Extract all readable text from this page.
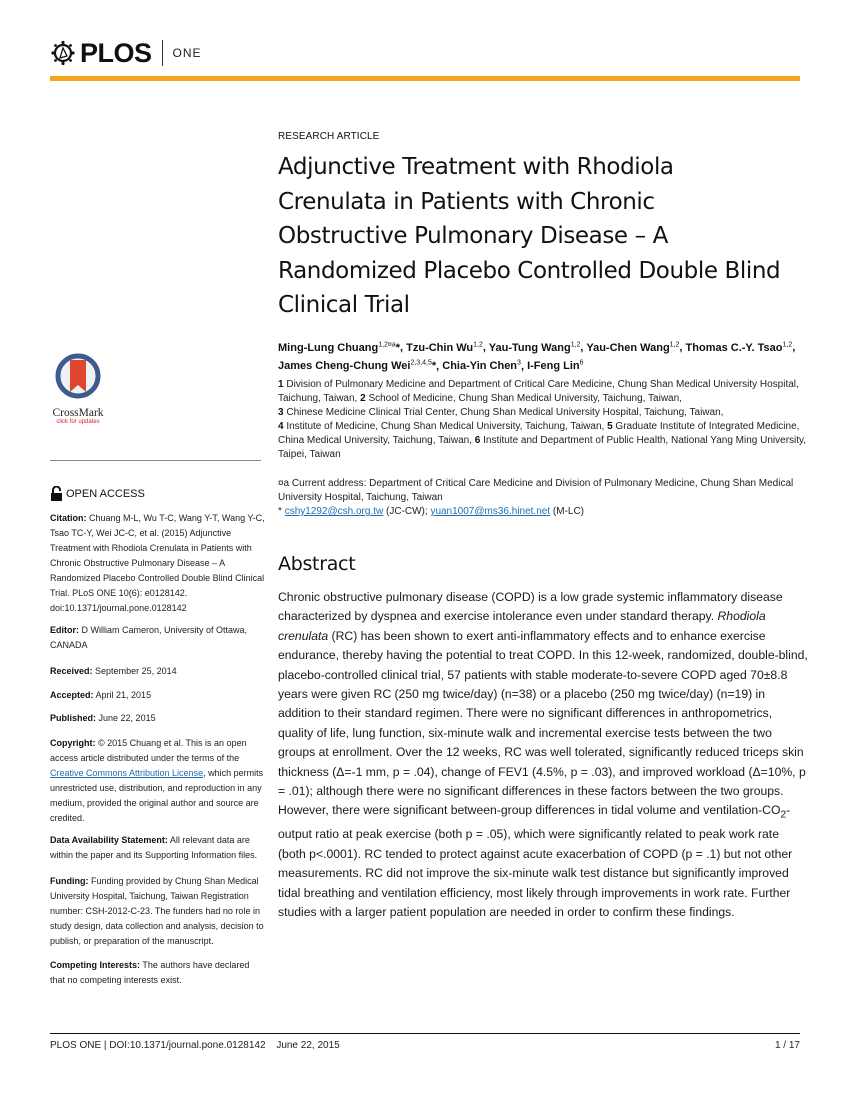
PLOS ONE
CrossMark
click for updates
OPEN ACCESS
Citation: Chuang M-L, Wu T-C, Wang Y-T, Wang Y-C, Tsao TC-Y, Wei JC-C, et al. (2015) Adjunctive Treatment with Rhodiola Crenulata in Patients with Chronic Obstructive Pulmonary Disease – A Randomized Placebo Controlled Double Blind Clinical Trial. PLoS ONE 10(6): e0128142. doi:10.1371/journal.pone.0128142
Editor: D William Cameron, University of Ottawa, CANADA
Received: September 25, 2014
Accepted: April 21, 2015
Published: June 22, 2015
Copyright: © 2015 Chuang et al. This is an open access article distributed under the terms of the Creative Commons Attribution License, which permits unrestricted use, distribution, and reproduction in any medium, provided the original author and source are credited.
Data Availability Statement: All relevant data are within the paper and its Supporting Information files.
Funding: Funding provided by Chung Shan Medical University Hospital, Taichung, Taiwan Registration number: CSH-2012-C-23. The funders had no role in study design, data collection and analysis, decision to publish, or preparation of the manuscript.
Competing Interests: The authors have declared that no competing interests exist.
RESEARCH ARTICLE
Adjunctive Treatment with Rhodiola
Crenulata in Patients with Chronic
Obstructive Pulmonary Disease – A
Randomized Placebo Controlled Double Blind
Clinical Trial
Ming-Lung Chuang$^{1,2¤a}$*, Tzu-Chin Wu$^{1,2}$, Yau-Tung Wang$^{1,2}$, Yau-Chen Wang$^{1,2}$, Thomas C.-Y. Tsao$^{1,2}$, James Cheng-Chung Wei$^{2,3,4,5}$*, Chia-Yin Chen$^3$, I-Feng Lin$^6$
1 Division of Pulmonary Medicine and Department of Critical Care Medicine, Chung Shan Medical University Hospital, Taichung, Taiwan, 2 School of Medicine, Chung Shan Medical University, Taichung, Taiwan,
3 Chinese Medicine Clinical Trial Center, Chung Shan Medical University Hospital, Taichung, Taiwan,
4 Institute of Medicine, Chung Shan Medical University, Taichung, Taiwan, 5 Graduate Institute of Integrated Medicine, China Medical University, Taichung, Taiwan, 6 Institute and Department of Public Health, National Yang Ming University, Taipei, Taiwan
¤a Current address: Department of Critical Care Medicine and Division of Pulmonary Medicine, Chung Shan Medical University Hospital, Taichung, Taiwan
* cshy1292@csh.org.tw (JC-CW); yuan1007@ms36.hinet.net (M-LC)
Abstract
Chronic obstructive pulmonary disease (COPD) is a low grade systemic inflammatory disease characterized by dyspnea and exercise intolerance even under standard therapy. Rhodiola crenulata (RC) has been shown to exert anti-inflammatory effects and to enhance exercise endurance, thereby having the potential to treat COPD. In this 12-week, randomized, double-blind, placebo-controlled clinical trial, 57 patients with stable moderate-to-severe COPD aged 70±8.8 years were given RC (250 mg twice/day) (n=38) or a placebo (250 mg twice/day) (n=19) in addition to their standard regimen. There were no significant differences in anthropometrics, quality of life, lung function, six-minute walk and incremental exercise tests between the two groups at enrollment. Over the 12 weeks, RC was well tolerated, significantly reduced triceps skin thickness (Δ=-1 mm, p = .04), change of FEV1 (4.5%, p = .03), and improved workload (Δ=10%, p = .01); although there were no significant differences in these factors between the two groups. However, there were significant between-group differences in tidal volume and ventilation-$CO_2$-output ratio at peak exercise (both p = .05), which were significantly related to peak work rate (both p<.0001). RC tended to protect against acute exacerbation of COPD (p = .1) but not other measurements. RC did not improve the six-minute walk test distance but significantly improved tidal breathing and ventilation efficiency, most likely through improvements in work rate. Further studies with a larger patient population are needed in order to confirm these findings.
PLOS ONE | DOI:10.1371/journal.pone.0128142 June 22, 2015	1 / 17
